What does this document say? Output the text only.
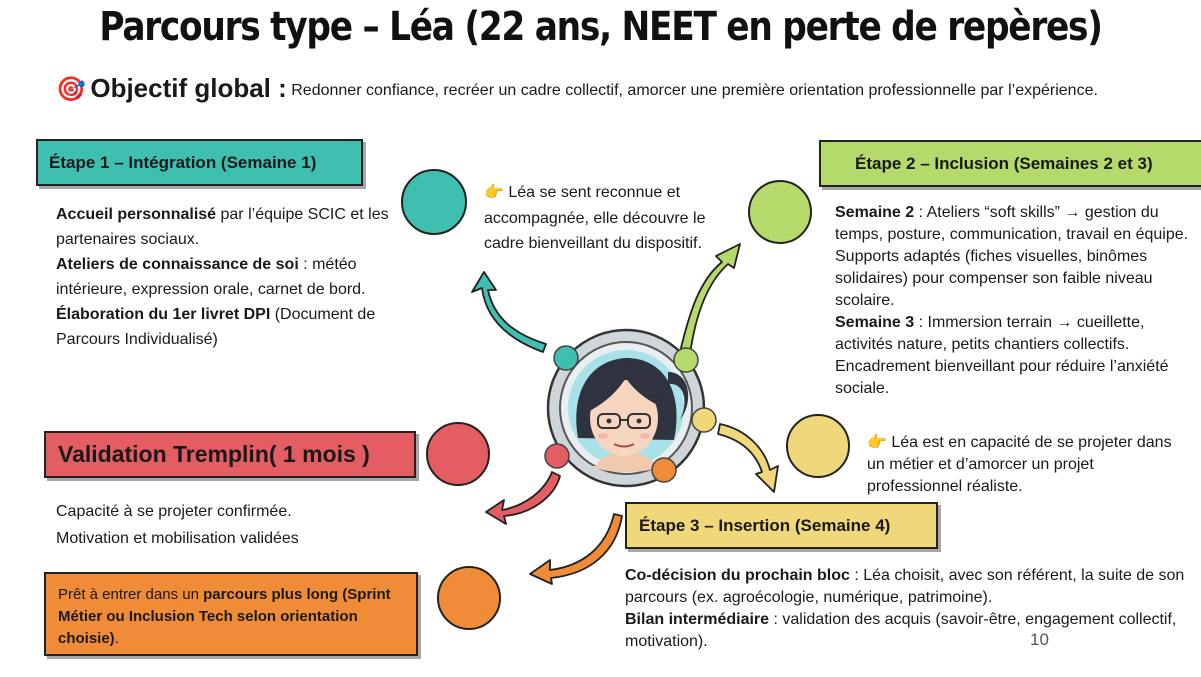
Parcours type – Léa (22 ans, NEET en perte de repères)
🎯 Objectif global : Redonner confiance, recréer un cadre collectif, amorcer une première orientation professionnelle par l’expérience.
Étape 1 – Intégration (Semaine 1)
Accueil personnalisé par l’équipe SCIC et les partenaires sociaux.
Ateliers de connaissance de soi : météo intérieure, expression orale, carnet de bord.
Élaboration du 1er livret DPI (Document de Parcours Individualisé)
👉 Léa se sent reconnue et accompagnée, elle découvre le cadre bienveillant du dispositif.
Étape 2 – Inclusion (Semaines 2 et 3)
Semaine 2 : Ateliers “soft skills” → gestion du temps, posture, communication, travail en équipe.
Supports adaptés (fiches visuelles, binômes solidaires) pour compenser son faible niveau scolaire.
Semaine 3 : Immersion terrain → cueillette, activités nature, petits chantiers collectifs.
Encadrement bienveillant pour réduire l’anxiété sociale.
👉 Léa est en capacité de se projeter dans un métier et d’amorcer un projet professionnel réaliste.
Validation Tremplin( 1 mois )
Capacité à se projeter confirmée.
Motivation et mobilisation validées
Étape 3 – Insertion (Semaine 4)
Co-décision du prochain bloc : Léa choisit, avec son référent, la suite de son parcours (ex. agroécologie, numérique, patrimoine).
Bilan intermédiaire : validation des acquis (savoir-être, engagement collectif, motivation).
Prêt à entrer dans un parcours plus long (Sprint Métier ou Inclusion Tech selon orientation choisie).	10
